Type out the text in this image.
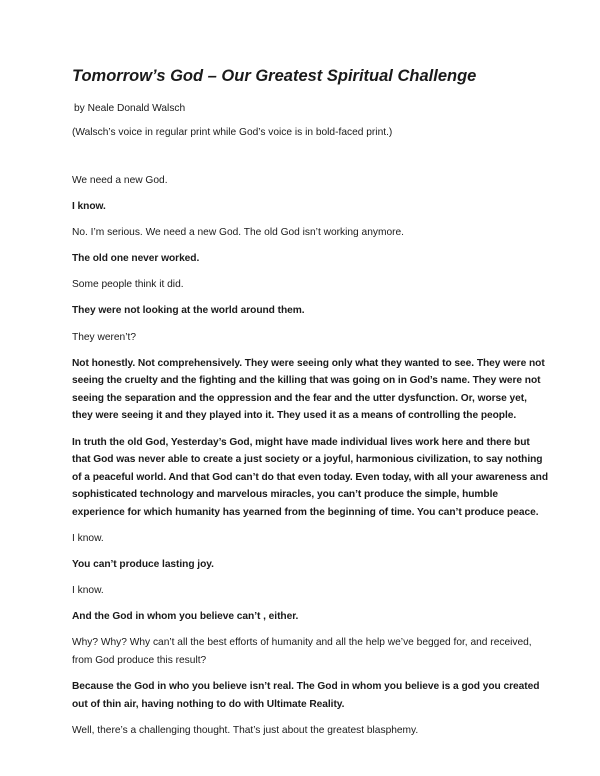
Tomorrow’s God – Our Greatest Spiritual Challenge
by Neale Donald Walsch
(Walsch’s voice in regular print while God’s voice is in bold-faced print.)

We need a new God.

I know.

No. I’m serious. We need a new God. The old God isn’t working anymore.

The old one never worked.

Some people think it did.

They were not looking at the world around them.

They weren’t?

Not honestly. Not comprehensively. They were seeing only what they wanted to see. They were not seeing the cruelty and the fighting and the killing that was going on in God’s name. They were not seeing the separation and the oppression and the fear and the utter dysfunction. Or, worse yet, they were seeing it and they played into it. They used it as a means of controlling the people.

In truth the old God, Yesterday’s God, might have made individual lives work here and there but that God was never able to create a just society or a joyful, harmonious civilization, to say nothing of a peaceful world. And that God can’t do that even today. Even today, with all your awareness and sophisticated technology and marvelous miracles, you can’t produce the simple, humble experience for which humanity has yearned from the beginning of time. You can’t produce peace.

I know.

You can’t produce lasting joy.

I know.

And the God in whom you believe can’t , either.

Why? Why? Why can’t all the best efforts of humanity and all the help we’ve begged for, and received, from God produce this result?

Because the God in who you believe isn’t real. The God in whom you believe is a god you created out of thin air, having nothing to do with Ultimate Reality.

Well, there’s a challenging thought. That’s just about the greatest blasphemy.
